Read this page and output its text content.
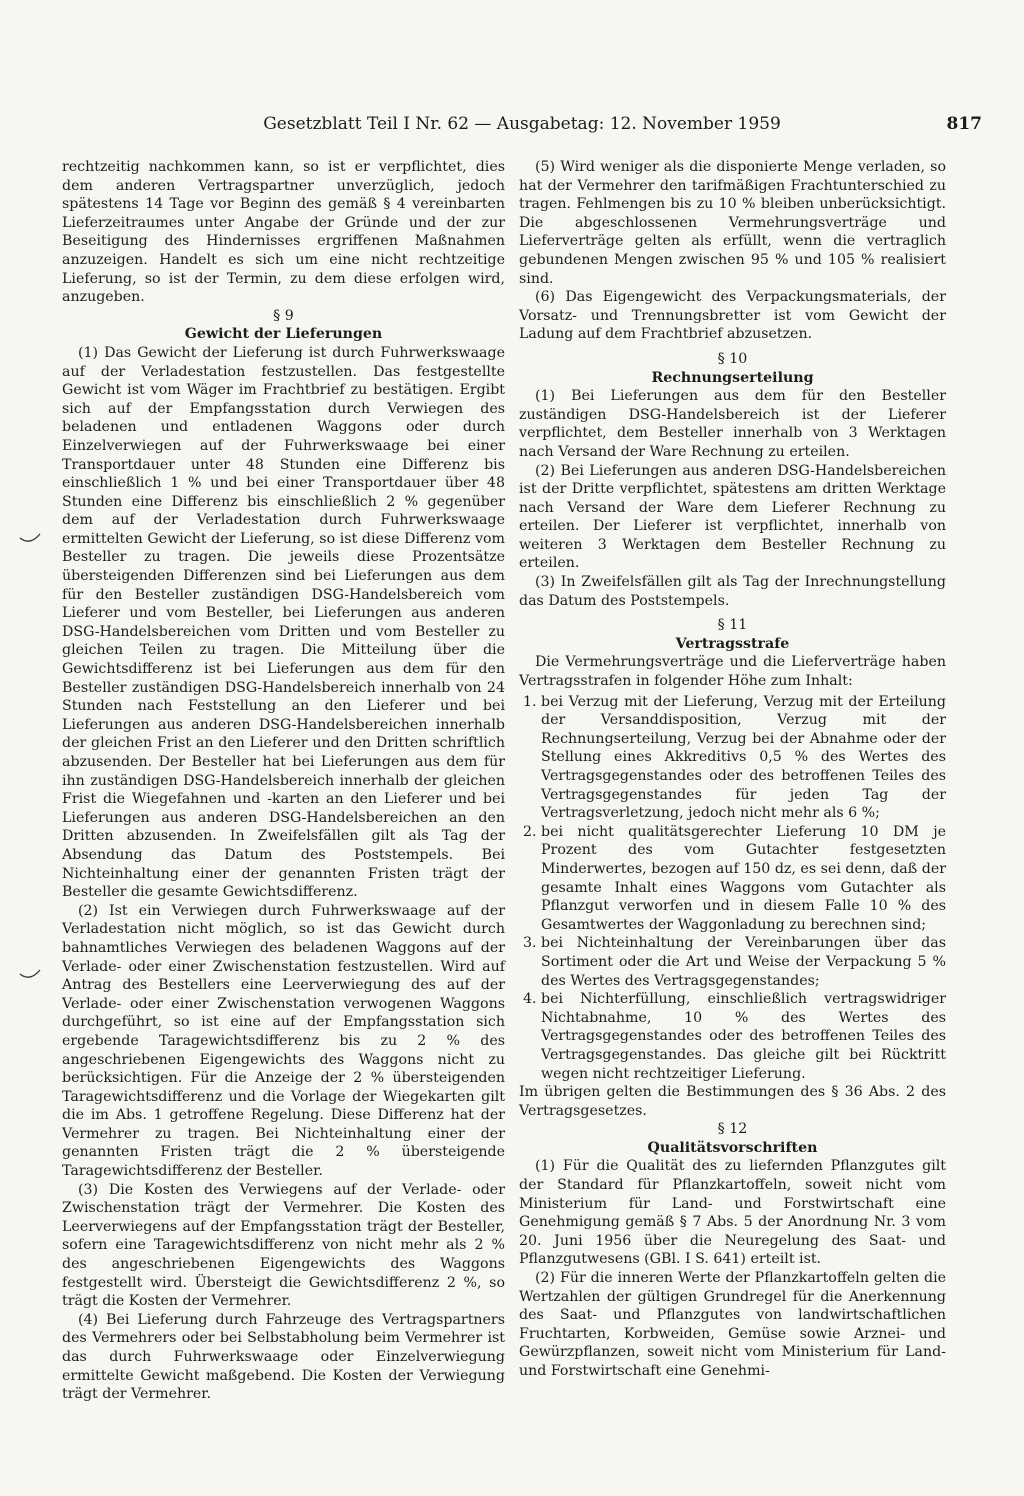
Gesetzblatt Teil I Nr. 62 — Ausgabetag: 12. November 1959	817

rechtzeitig nachkommen kann, so ist er verpflichtet, dies dem anderen Vertragspartner unverzüglich, jedoch spätestens 14 Tage vor Beginn des gemäß § 4 vereinbarten Lieferzeitraumes unter Angabe der Gründe und der zur Beseitigung des Hindernisses ergriffenen Maßnahmen anzuzeigen. Handelt es sich um eine nicht rechtzeitige Lieferung, so ist der Termin, zu dem diese erfolgen wird, anzugeben.

§ 9

Gewicht der Lieferungen

(1) Das Gewicht der Lieferung ist durch Fuhrwerkswaage auf der Verladestation festzustellen. Das festgestellte Gewicht ist vom Wäger im Frachtbrief zu bestätigen. Ergibt sich auf der Empfangsstation durch Verwiegen des beladenen und entladenen Waggons oder durch Einzelverwiegen auf der Fuhrwerkswaage bei einer Transportdauer unter 48 Stunden eine Differenz bis einschließlich 1 % und bei einer Transportdauer über 48 Stunden eine Differenz bis einschließlich 2 % gegenüber dem auf der Verladestation durch Fuhrwerkswaage ermittelten Gewicht der Lieferung, so ist diese Differenz vom Besteller zu tragen. Die jeweils diese Prozentsätze übersteigenden Differenzen sind bei Lieferungen aus dem für den Besteller zuständigen DSG-Handelsbereich vom Lieferer und vom Besteller, bei Lieferungen aus anderen DSG-Handelsbereichen vom Dritten und vom Besteller zu gleichen Teilen zu tragen. Die Mitteilung über die Gewichtsdifferenz ist bei Lieferungen aus dem für den Besteller zuständigen DSG-Handelsbereich innerhalb von 24 Stunden nach Feststellung an den Lieferer und bei Lieferungen aus anderen DSG-Handelsbereichen innerhalb der gleichen Frist an den Lieferer und den Dritten schriftlich abzusenden. Der Besteller hat bei Lieferungen aus dem für ihn zuständigen DSG-Handelsbereich innerhalb der gleichen Frist die Wiegefahnen und -karten an den Lieferer und bei Lieferungen aus anderen DSG-Handelsbereichen an den Dritten abzusenden. In Zweifelsfällen gilt als Tag der Absendung das Datum des Poststempels. Bei Nichteinhaltung einer der genannten Fristen trägt der Besteller die gesamte Gewichtsdifferenz.

(2) Ist ein Verwiegen durch Fuhrwerkswaage auf der Verladestation nicht möglich, so ist das Gewicht durch bahnamtliches Verwiegen des beladenen Waggons auf der Verlade- oder einer Zwischenstation festzustellen. Wird auf Antrag des Bestellers eine Leerverwiegung des auf der Verlade- oder einer Zwischenstation verwogenen Waggons durchgeführt, so ist eine auf der Empfangsstation sich ergebende Taragewichtsdifferenz bis zu 2 % des angeschriebenen Eigengewichts des Waggons nicht zu berücksichtigen. Für die Anzeige der 2 % übersteigenden Taragewichtsdifferenz und die Vorlage der Wiegekarten gilt die im Abs. 1 getroffene Regelung. Diese Differenz hat der Vermehrer zu tragen. Bei Nichteinhaltung einer der genannten Fristen trägt die 2 % übersteigende Taragewichtsdifferenz der Besteller.

(3) Die Kosten des Verwiegens auf der Verlade- oder Zwischenstation trägt der Vermehrer. Die Kosten des Leerverwiegens auf der Empfangsstation trägt der Besteller, sofern eine Taragewichtsdifferenz von nicht mehr als 2 % des angeschriebenen Eigengewichts des Waggons festgestellt wird. Übersteigt die Gewichtsdifferenz 2 %, so trägt die Kosten der Vermehrer.

(4) Bei Lieferung durch Fahrzeuge des Vertragspartners des Vermehrers oder bei Selbstabholung beim Vermehrer ist das durch Fuhrwerkswaage oder Einzelverwiegung ermittelte Gewicht maßgebend. Die Kosten der Verwiegung trägt der Vermehrer.

(5) Wird weniger als die disponierte Menge verladen, so hat der Vermehrer den tarifmäßigen Frachtunterschied zu tragen. Fehlmengen bis zu 10 % bleiben unberücksichtigt. Die abgeschlossenen Vermehrungsverträge und Lieferverträge gelten als erfüllt, wenn die vertraglich gebundenen Mengen zwischen 95 % und 105 % realisiert sind.

(6) Das Eigengewicht des Verpackungsmaterials, der Vorsatz- und Trennungsbretter ist vom Gewicht der Ladung auf dem Frachtbrief abzusetzen.

§ 10

Rechnungserteilung

(1) Bei Lieferungen aus dem für den Besteller zuständigen DSG-Handelsbereich ist der Lieferer verpflichtet, dem Besteller innerhalb von 3 Werktagen nach Versand der Ware Rechnung zu erteilen.

(2) Bei Lieferungen aus anderen DSG-Handelsbereichen ist der Dritte verpflichtet, spätestens am dritten Werktage nach Versand der Ware dem Lieferer Rechnung zu erteilen. Der Lieferer ist verpflichtet, innerhalb von weiteren 3 Werktagen dem Besteller Rechnung zu erteilen.

(3) In Zweifelsfällen gilt als Tag der Inrechnungstellung das Datum des Poststempels.

§ 11

Vertragsstrafe

Die Vermehrungsverträge und die Lieferverträge haben Vertragsstrafen in folgender Höhe zum Inhalt:

1. bei Verzug mit der Lieferung, Verzug mit der Erteilung der Versanddisposition, Verzug mit der Rechnungserteilung, Verzug bei der Abnahme oder der Stellung eines Akkreditivs 0,5 % des Wertes des Vertragsgegenstandes oder des betroffenen Teiles des Vertragsgegenstandes für jeden Tag der Vertragsverletzung, jedoch nicht mehr als 6 %;
2. bei nicht qualitätsgerechter Lieferung 10 DM je Prozent des vom Gutachter festgesetzten Minderwertes, bezogen auf 150 dz, es sei denn, daß der gesamte Inhalt eines Waggons vom Gutachter als Pflanzgut verworfen und in diesem Falle 10 % des Gesamtwertes der Waggonladung zu berechnen sind;
3. bei Nichteinhaltung der Vereinbarungen über das Sortiment oder die Art und Weise der Verpackung 5 % des Wertes des Vertragsgegenstandes;
4. bei Nichterfüllung, einschließlich vertragswidriger Nichtabnahme, 10 % des Wertes des Vertragsgegenstandes oder des betroffenen Teiles des Vertragsgegenstandes. Das gleiche gilt bei Rücktritt wegen nicht rechtzeitiger Lieferung.

Im übrigen gelten die Bestimmungen des § 36 Abs. 2 des Vertragsgesetzes.

§ 12

Qualitätsvorschriften

(1) Für die Qualität des zu liefernden Pflanzgutes gilt der Standard für Pflanzkartoffeln, soweit nicht vom Ministerium für Land- und Forstwirtschaft eine Genehmigung gemäß § 7 Abs. 5 der Anordnung Nr. 3 vom 20. Juni 1956 über die Neuregelung des Saat- und Pflanzgutwesens (GBl. I S. 641) erteilt ist.

(2) Für die inneren Werte der Pflanzkartoffeln gelten die Wertzahlen der gültigen Grundregel für die Anerkennung des Saat- und Pflanzgutes von landwirtschaftlichen Fruchtarten, Korbweiden, Gemüse sowie Arznei- und Gewürzpflanzen, soweit nicht vom Ministerium für Land- und Forstwirtschaft eine Genehmi-
